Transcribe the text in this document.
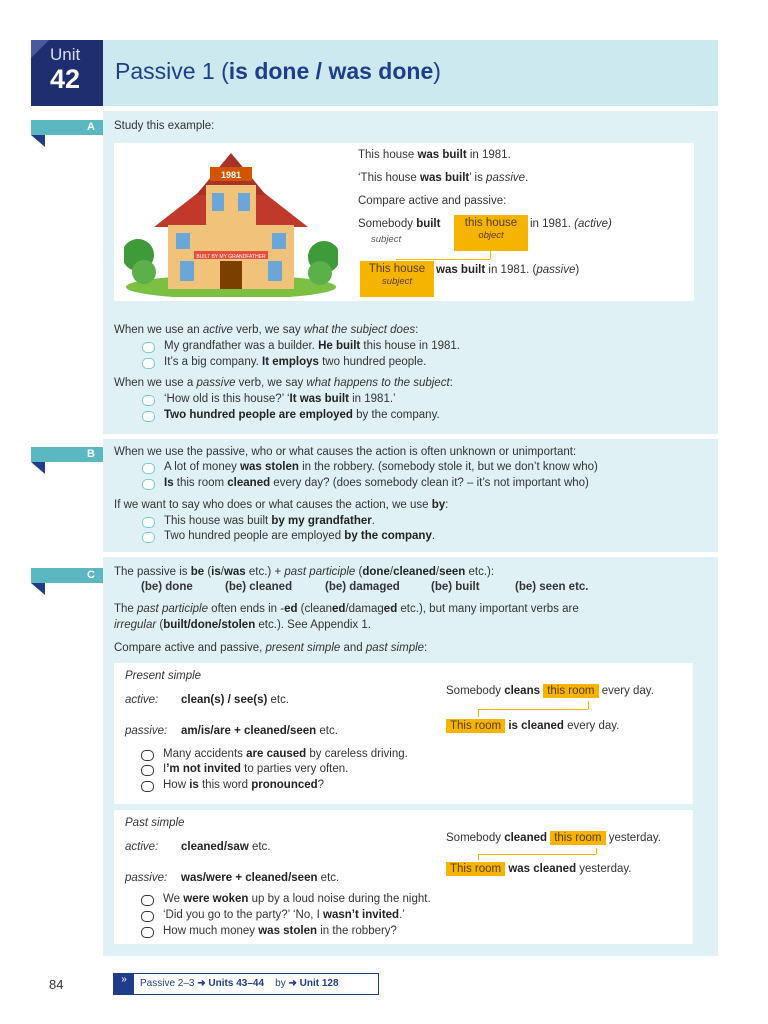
Unit
42 Passive 1 (is done / was done)
A	Study this example:
1981
BUILT BY MY GRANDFATHER
This house was built in 1981.
‘This house was built’ is passive.
Compare active and passive:
Somebody built
subject
this house
object
in 1981. (active)
This house
subject
was built in 1981. (passive)
When we use an active verb, we say what the subject does:
My grandfather was a builder. He built this house in 1981.
It’s a big company. It employs two hundred people.
When we use a passive verb, we say what happens to the subject:
‘How old is this house?’ ‘It was built in 1981.’
Two hundred people are employed by the company.
B	When we use the passive, who or what causes the action is often unknown or unimportant:
A lot of money was stolen in the robbery. (somebody stole it, but we don’t know who)
Is this room cleaned every day? (does somebody clean it? – it’s not important who)
If we want to say who does or what causes the action, we use by:
This house was built by my grandfather.
Two hundred people are employed by the company.
C	The passive is be (is/was etc.) + past participle (done/cleaned/seen etc.):
(be) done	(be) cleaned	(be) damaged	(be) built	(be) seen etc.
The past participle often ends in -ed (cleaned/damaged etc.), but many important verbs are
irregular (built/done/stolen etc.). See Appendix 1.
Compare active and passive, present simple and past simple:
Present simple
active: clean(s) / see(s) etc.
passive: am/is/are + cleaned/seen etc.
Somebody cleans this room every day.
This room is cleaned every day.
Many accidents are caused by careless driving.
I’m not invited to parties very often.
How is this word pronounced?
Past simple
active: cleaned/saw etc.
passive: was/were + cleaned/seen etc.
Somebody cleaned this room yesterday.
This room was cleaned yesterday.
We were woken up by a loud noise during the night.
‘Did you go to the party?’ ‘No, I wasn’t invited.’
How much money was stolen in the robbery?
84	»	Passive 2–3 ➜ Units 43–44    by ➜ Unit 128
